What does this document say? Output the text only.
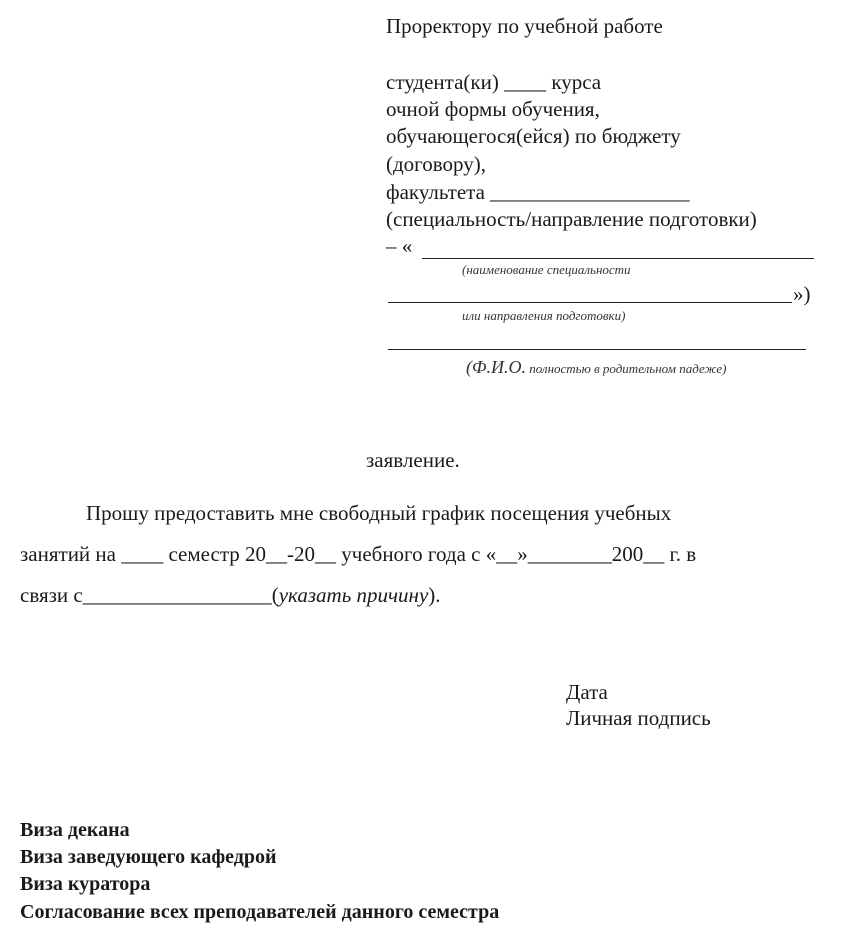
Проректору по учебной работе
студента(ки) ____ курса
очной формы обучения,
обучающегося(ейся) по бюджету
(договору),
факультета ___________________
(специальность/направление подготовки)
– «
(наименование специальности
»)
или направления подготовки)
(Ф.И.О. полностью в родительном падеже)
заявление.
Прошу предоставить мне свободный график посещения учебных
занятий на ____ семестр 20__-20__ учебного года с «__»________200__ г. в
связи с__________________(указать причину).
Дата
Личная подпись
Виза декана
Виза заведующего кафедрой
Виза куратора
Согласование всех преподавателей данного семестра
